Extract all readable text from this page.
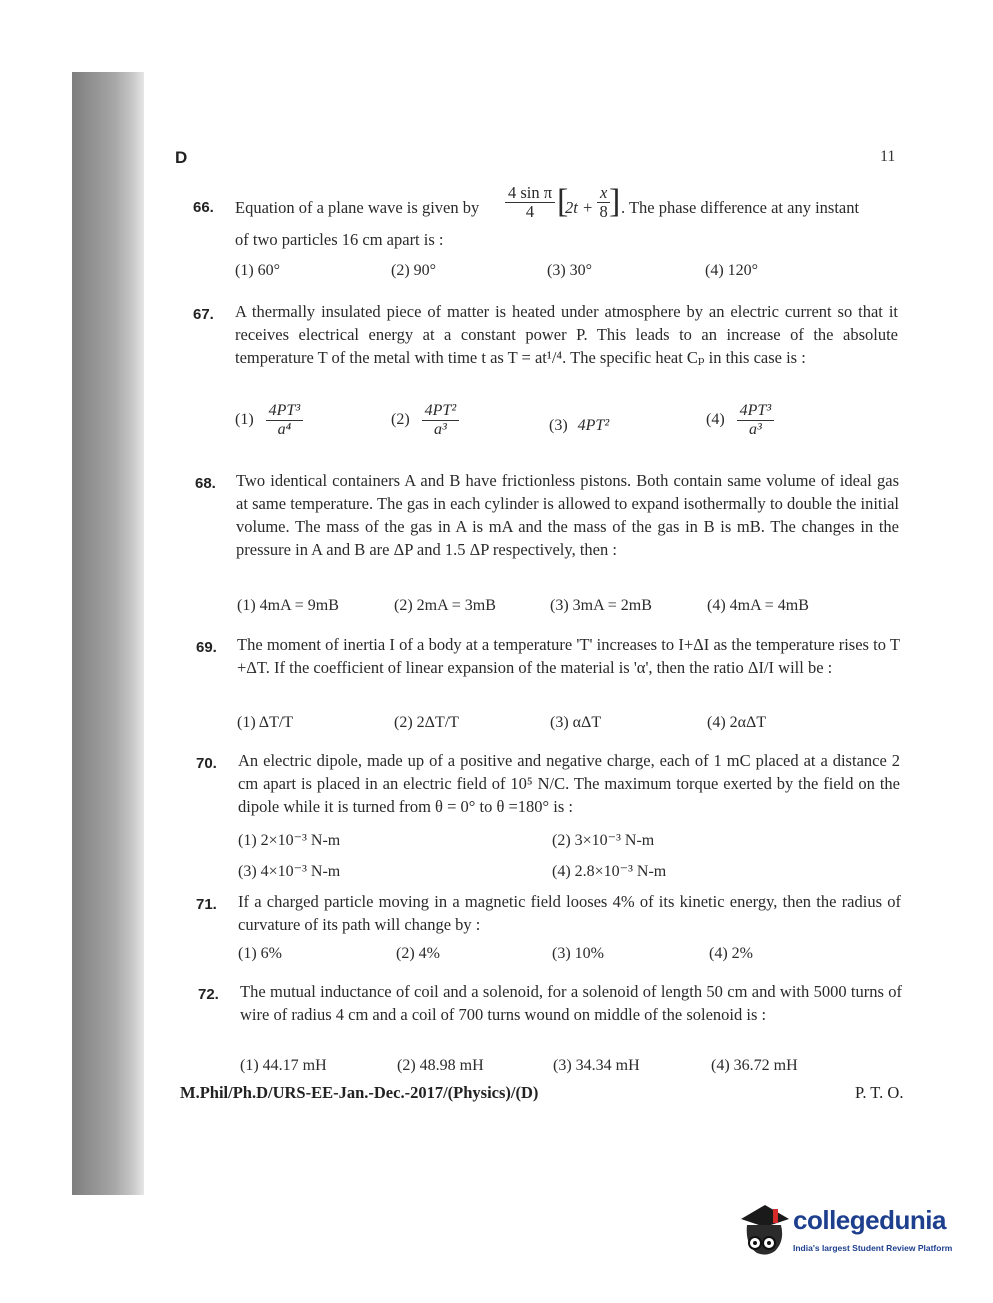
D	11
66. Equation of a plane wave is given by $\frac{\text{4 sin π}}{4}$ [
$2t + \frac{x}{8}$
] . The phase difference at any instant
of two particles 16 cm apart is :
(1) 60°	(2) 90°	(3) 30°	(4) 120°
67. A thermally insulated piece of matter is heated under atmosphere by an electric current so that it receives electrical energy at a constant power P. This leads to an increase of the absolute temperature T of the metal with time t as T = at¹/⁴. The specific heat Cₚ in this case is :
$(1) \frac{\text{4PT³}}{\text{a⁴}}$	$(2) \frac{\text{4PT²}}{\text{a³}}$	(3) 4PT²	$(4) \frac{\text{4PT³}}{\text{a³}}$
68. Two identical containers A and B have frictionless pistons. Both contain same volume of ideal gas at same temperature. The gas in each cylinder is allowed to expand isothermally to double the initial volume. The mass of the gas in A is mA and the mass of the gas in B is mB. The changes in the pressure in A and B are ΔP and 1.5 ΔP respectively, then :
(1) 4mA = 9mB	(2) 2mA = 3mB	(3) 3mA = 2mB	(4) 4mA = 4mB
69. The moment of inertia I of a body at a temperature 'T' increases to I+ΔI as the temperature rises to T +ΔT. If the coefficient of linear expansion of the material is 'α', then the ratio ΔI/I will be :
(1) ΔT/T	(2) 2ΔT/T	(3) αΔT	(4) 2αΔT
70. An electric dipole, made up of a positive and negative charge, each of 1 mC placed at a distance 2 cm apart is placed in an electric field of 10⁵ N/C. The maximum torque exerted by the field on the dipole while it is turned from θ = 0° to θ =180° is :
(1) 2×10⁻³ N-m	(2) 3×10⁻³ N-m
(3) 4×10⁻³ N-m	(4) 2.8×10⁻³ N-m
71. If a charged particle moving in a magnetic field looses 4% of its kinetic energy, then the radius of curvature of its path will change by :
(1) 6%	(2) 4%	(3) 10%	(4) 2%
72. The mutual inductance of coil and a solenoid, for a solenoid of length 50 cm and with 5000 turns of wire of radius 4 cm and a coil of 700 turns wound on middle of the solenoid is :
(1) 44.17 mH	(2) 48.98 mH	(3) 34.34 mH	(4) 36.72 mH
M.Phil/Ph.D/URS-EE-Jan.-Dec.-2017/(Physics)/(D)	P. T. O.
collegedunia
India's largest Student Review Platform
